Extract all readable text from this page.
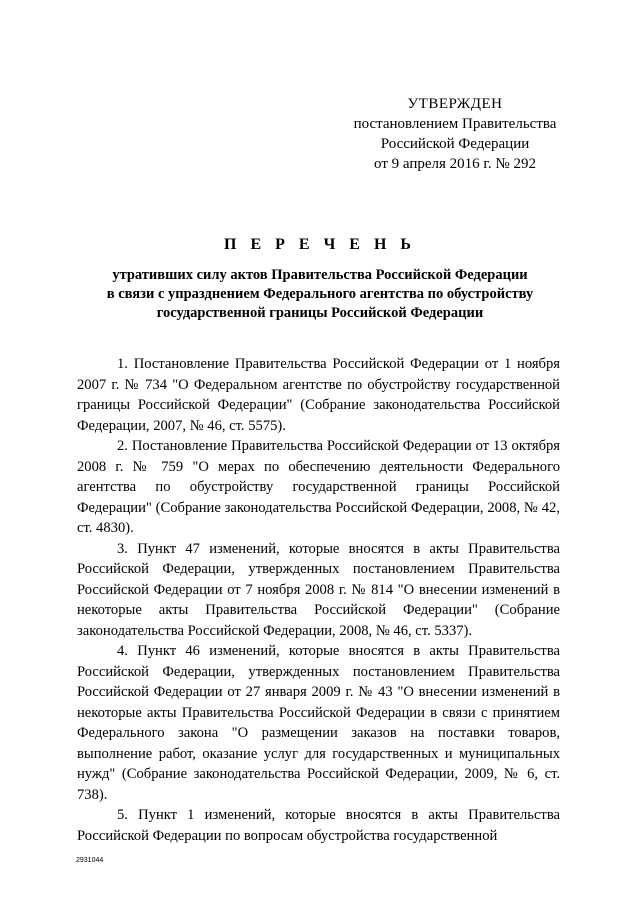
УТВЕРЖДЕН
постановлением Правительства
Российской Федерации
от 9 апреля 2016 г. № 292
П Е Р Е Ч Е Н Ь
утративших силу актов Правительства Российской Федерации
в связи с упразднением Федерального агентства по обустройству
государственной границы Российской Федерации

1. Постановление Правительства Российской Федерации от 1 ноября 2007 г. № 734 "О Федеральном агентстве по обустройству государственной границы Российской Федерации" (Собрание законодательства Российской Федерации, 2007, № 46, ст. 5575).

2. Постановление Правительства Российской Федерации от 13 октября 2008 г. № 759 "О мерах по обеспечению деятельности Федерального агентства по обустройству государственной границы Российской Федерации" (Собрание законодательства Российской Федерации, 2008, № 42, ст. 4830).

3. Пункт 47 изменений, которые вносятся в акты Правительства Российской Федерации, утвержденных постановлением Правительства Российской Федерации от 7 ноября 2008 г. № 814 "О внесении изменений в некоторые акты Правительства Российской Федерации" (Собрание законодательства Российской Федерации, 2008, № 46, ст. 5337).

4. Пункт 46 изменений, которые вносятся в акты Правительства Российской Федерации, утвержденных постановлением Правительства Российской Федерации от 27 января 2009 г. № 43 "О внесении изменений в некоторые акты Правительства Российской Федерации в связи с принятием Федерального закона "О размещении заказов на поставки товаров, выполнение работ, оказание услуг для государственных и муниципальных нужд" (Собрание законодательства Российской Федерации, 2009, № 6, ст. 738).

5. Пункт 1 изменений, которые вносятся в акты Правительства Российской Федерации по вопросам обустройства государственной

2931044
